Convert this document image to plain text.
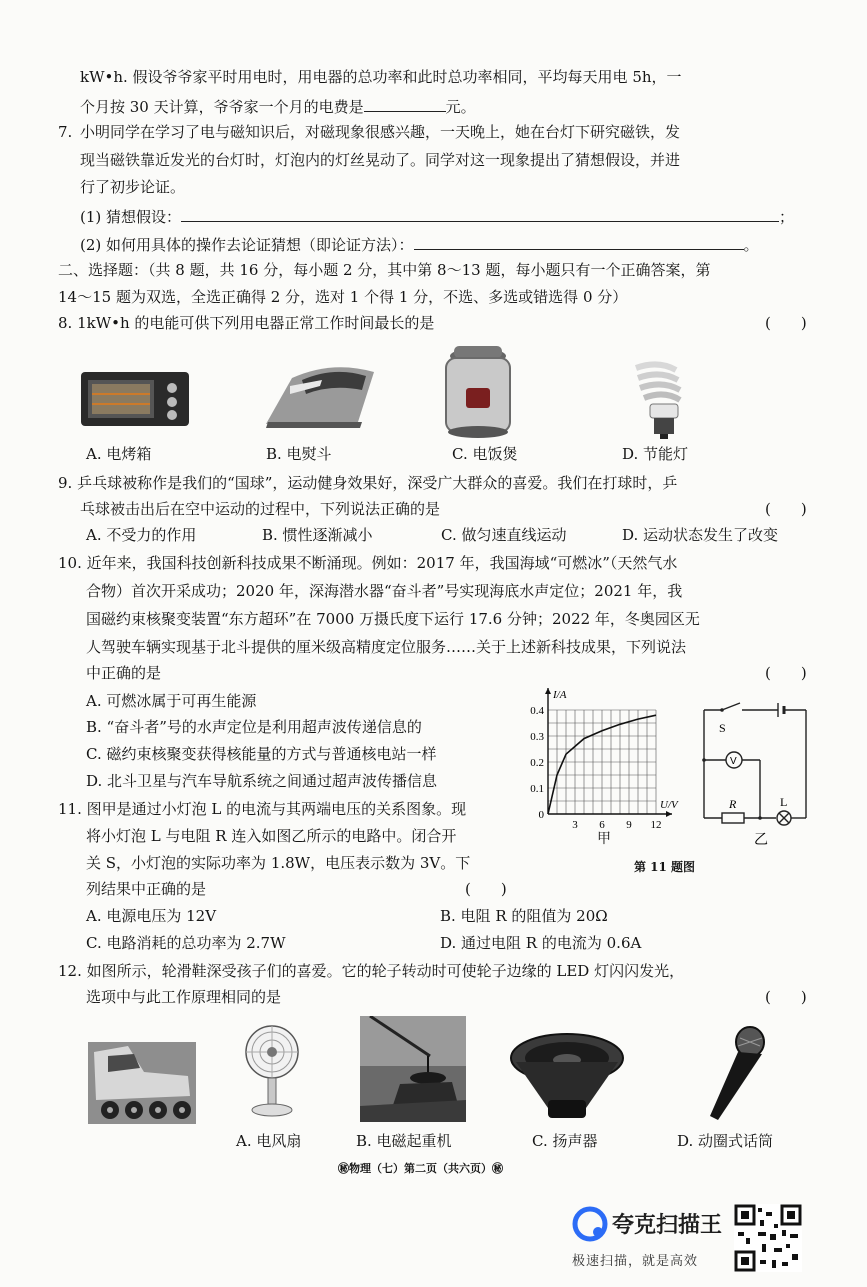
kW•h. 假设爷爷家平时用电时，用电器的总功率和此时总功率相同，平均每天用电 5h，一
个月按 30 天计算，爷爷家一个月的电费是	元。
7. 小明同学在学习了电与磁知识后，对磁现象很感兴趣，一天晚上，她在台灯下研究磁铁，发
现当磁铁靠近发光的台灯时，灯泡内的灯丝晃动了。同学对这一现象提出了猜想假设，并进
行了初步论证。
(1) 猜想假设：	；
(2) 如何用具体的操作去论证猜想（即论证方法）：	。
二、选择题：（共 8 题，共 16 分，每小题 2 分，其中第 8～13 题，每小题只有一个正确答案，第
14～15 题为双选，全选正确得 2 分，选对 1 个得 1 分，不选、多选或错选得 0 分）
8. 1kW•h 的电能可供下列用电器正常工作时间最长的是	(　　)
A. 电烤箱	B. 电熨斗	C. 电饭煲	D. 节能灯
9. 乒乓球被称作是我们的“国球”，运动健身效果好，深受广大群众的喜爱。我们在打球时，乒
乓球被击出后在空中运动的过程中，下列说法正确的是	(　　)
A. 不受力的作用	B. 惯性逐渐减小	C. 做匀速直线运动	D. 运动状态发生了改变
10. 近年来，我国科技创新科技成果不断涌现。例如：2017 年，我国海域“可燃冰”（天然气水
合物）首次开采成功；2020 年，深海潜水器“奋斗者”号实现海底水声定位；2021 年，我
国磁约束核聚变装置“东方超环”在 7000 万摄氏度下运行 17.6 分钟；2022 年，冬奥园区无
人驾驶车辆实现基于北斗提供的厘米级高精度定位服务……关于上述新科技成果，下列说法
中正确的是	(　　)
A. 可燃冰属于可再生能源
B. “奋斗者”号的水声定位是利用超声波传递信息的
C. 磁约束核聚变获得核能量的方式与普通核电站一样
D. 北斗卫星与汽车导航系统之间通过超声波传播信息
11. 图甲是通过小灯泡 L 的电流与其两端电压的关系图象。现
将小灯泡 L 与电阻 R 连入如图乙所示的电路中。闭合开
关 S，小灯泡的实际功率为 1.8W，电压表示数为 3V。下
列结果中正确的是	(　　)
A. 电源电压为 12V	B. 电阻 R 的阻值为 20Ω
C. 电路消耗的总功率为 2.7W	D. 通过电阻 R 的电流为 0.6A
3 6 9 12
0.1
0.2
0.3
0.4
0
U/V
I/A
甲
S
V
R	L
乙
第 11 题图
12. 如图所示，轮滑鞋深受孩子们的喜爱。它的轮子转动时可使轮子边缘的 LED 灯闪闪发光，
选项中与此工作原理相同的是	(　　)
A. 电风扇	B. 电磁起重机	C. 扬声器	D. 动圈式话筒
㊙物理（七）第二页（共六页）㊙
夸克扫描王
极速扫描，就是高效
